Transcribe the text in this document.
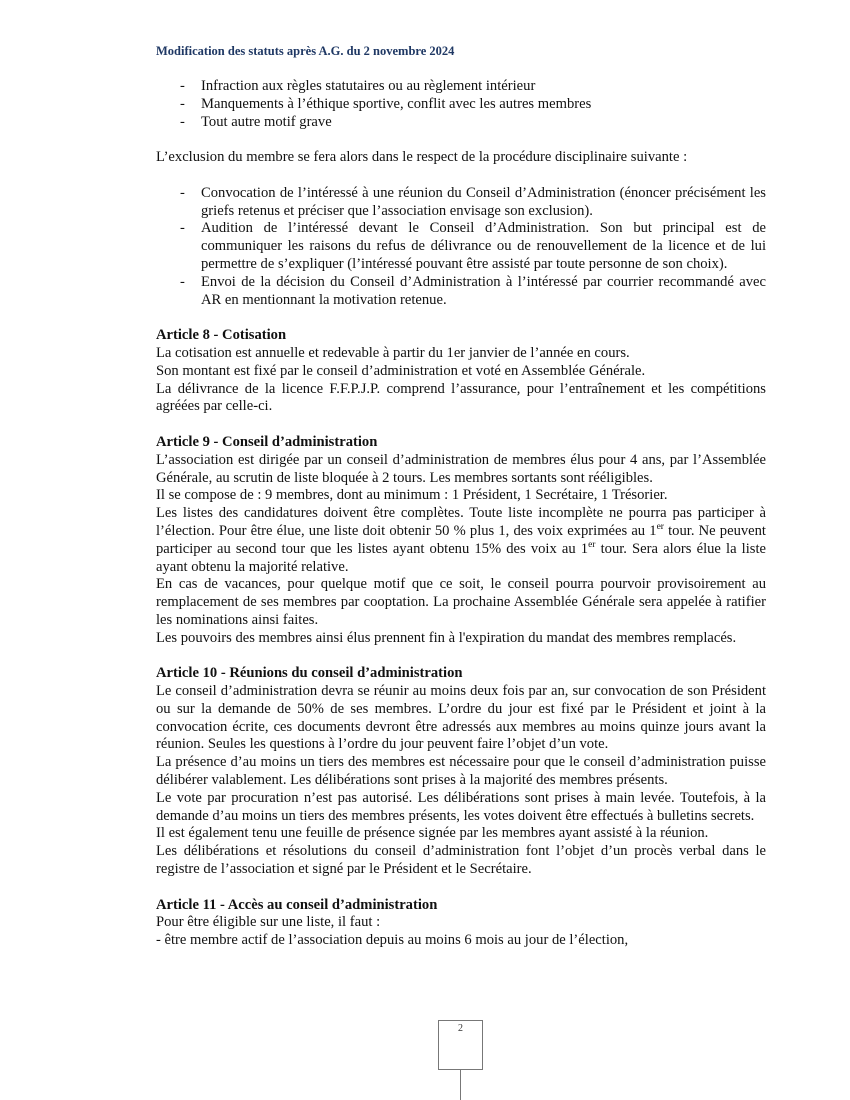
Modification des statuts après A.G. du 2 novembre 2024
- Infraction aux règles statutaires ou au règlement intérieur
- Manquements à l’éthique sportive, conflit avec les autres membres
- Tout autre motif grave

L’exclusion du membre se fera alors dans le respect de la procédure disciplinaire suivante :

- Convocation de l’intéressé à une réunion du Conseil d’Administration (énoncer précisément les griefs retenus et préciser que l’association envisage son exclusion).
- Audition de l’intéressé devant le Conseil d’Administration. Son but principal est de communiquer les raisons du refus de délivrance ou de renouvellement de la licence et de lui permettre de s’expliquer (l’intéressé pouvant être assisté par toute personne de son choix).
- Envoi de la décision du Conseil d’Administration à l’intéressé par courrier recommandé avec AR en mentionnant la motivation retenue.

Article 8 - Cotisation

La cotisation est annuelle et redevable à partir du 1er janvier de l’année en cours.

Son montant est fixé par le conseil d’administration et voté en Assemblée Générale.

La délivrance de la licence F.F.P.J.P. comprend l’assurance, pour l’entraînement et les compétitions agréées par celle-ci.

Article 9 - Conseil d’administration

L’association est dirigée par un conseil d’administration de membres élus pour 4 ans, par l’Assemblée Générale, au scrutin de liste bloquée à 2 tours. Les membres sortants sont rééligibles.

Il se compose de : 9 membres, dont au minimum : 1 Président, 1 Secrétaire, 1 Trésorier.

Les listes des candidatures doivent être complètes. Toute liste incomplète ne pourra pas participer à l’élection. Pour être élue, une liste doit obtenir 50 % plus 1, des voix exprimées au 1er tour. Ne peuvent participer au second tour que les listes ayant obtenu 15% des voix au 1er tour. Sera alors élue la liste ayant obtenu la majorité relative.

En cas de vacances, pour quelque motif que ce soit, le conseil pourra pourvoir provisoirement au remplacement de ses membres par cooptation. La prochaine Assemblée Générale sera appelée à ratifier les nominations ainsi faites.

Les pouvoirs des membres ainsi élus prennent fin à l'expiration du mandat des membres remplacés.

Article 10 - Réunions du conseil d’administration

Le conseil d’administration devra se réunir au moins deux fois par an, sur convocation de son Président ou sur la demande de 50% de ses membres. L’ordre du jour est fixé par le Président et joint à la convocation écrite, ces documents devront être adressés aux membres au moins quinze jours avant la réunion. Seules les questions à l’ordre du jour peuvent faire l’objet d’un vote.

La présence d’au moins un tiers des membres est nécessaire pour que le conseil d’administration puisse délibérer valablement. Les délibérations sont prises à la majorité des membres présents.

Le vote par procuration n’est pas autorisé. Les délibérations sont prises à main levée. Toutefois, à la demande d’au moins un tiers des membres présents, les votes doivent être effectués à bulletins secrets.

Il est également tenu une feuille de présence signée par les membres ayant assisté à la réunion.

Les délibérations et résolutions du conseil d’administration font l’objet d’un procès verbal dans le registre de l’association et signé par le Président et le Secrétaire.

Article 11 - Accès au conseil d’administration

Pour être éligible sur une liste, il faut :

- être membre actif de l’association depuis au moins 6 mois au jour de l’élection,

2
